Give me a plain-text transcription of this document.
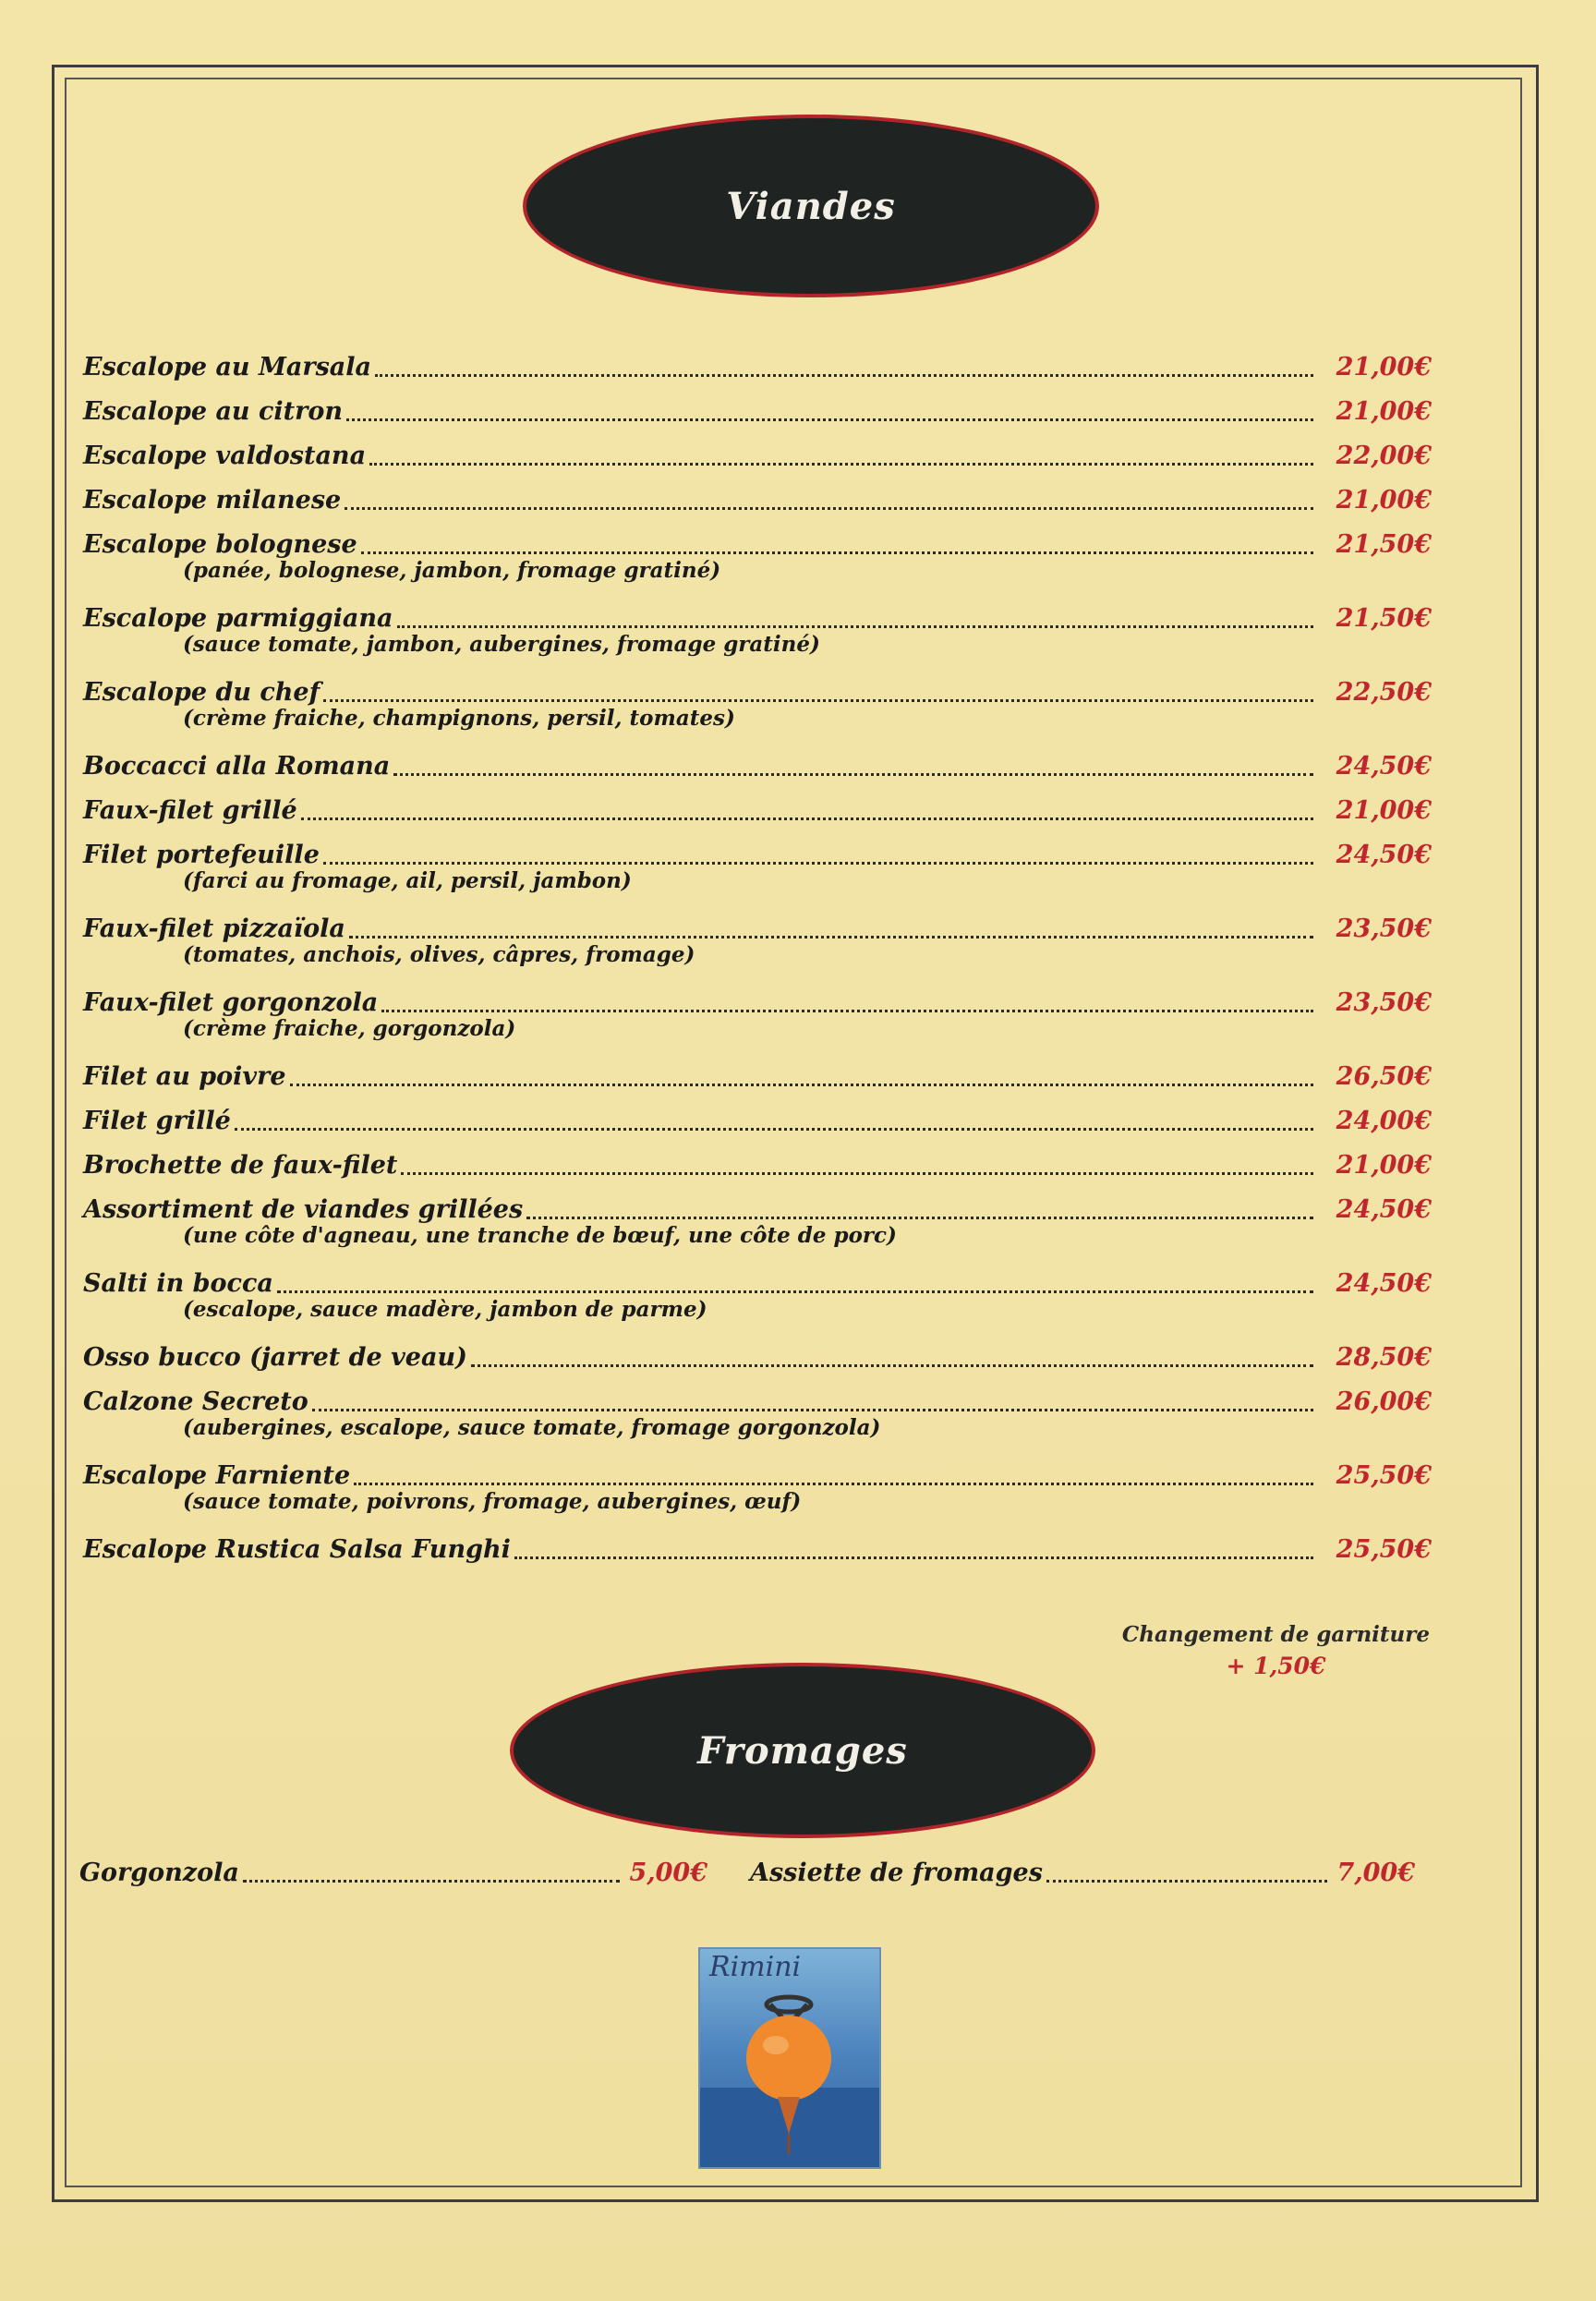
Viandes
Escalope au Marsala	21,00€
Escalope au citron	21,00€
Escalope valdostana	22,00€
Escalope milanese	21,00€
Escalope bolognese	21,50€
(panée, bolognese, jambon, fromage gratiné)
Escalope parmiggiana	21,50€
(sauce tomate, jambon, aubergines, fromage gratiné)
Escalope du chef	22,50€
(crème fraiche, champignons, persil, tomates)
Boccacci alla Romana	24,50€
Faux-filet grillé	21,00€
Filet portefeuille	24,50€
(farci au fromage, ail, persil, jambon)
Faux-filet pizzaïola	23,50€
(tomates, anchois, olives, câpres, fromage)
Faux-filet gorgonzola	23,50€
(crème fraiche, gorgonzola)
Filet au poivre	26,50€
Filet grillé	24,00€
Brochette de faux-filet	21,00€
Assortiment de viandes grillées	24,50€
(une côte d'agneau, une tranche de bœuf, une côte de porc)
Salti in bocca	24,50€
(escalope, sauce madère, jambon de parme)
Osso bucco (jarret de veau)	28,50€
Calzone Secreto	26,00€
(aubergines, escalope, sauce tomate, fromage gorgonzola)
Escalope Farniente	25,50€
(sauce tomate, poivrons, fromage, aubergines, œuf)
Escalope Rustica Salsa Funghi	25,50€
Changement de garniture
+ 1,50€
Fromages
Gorgonzola	5,00€ Assiette de fromages	7,00€
Rimini
